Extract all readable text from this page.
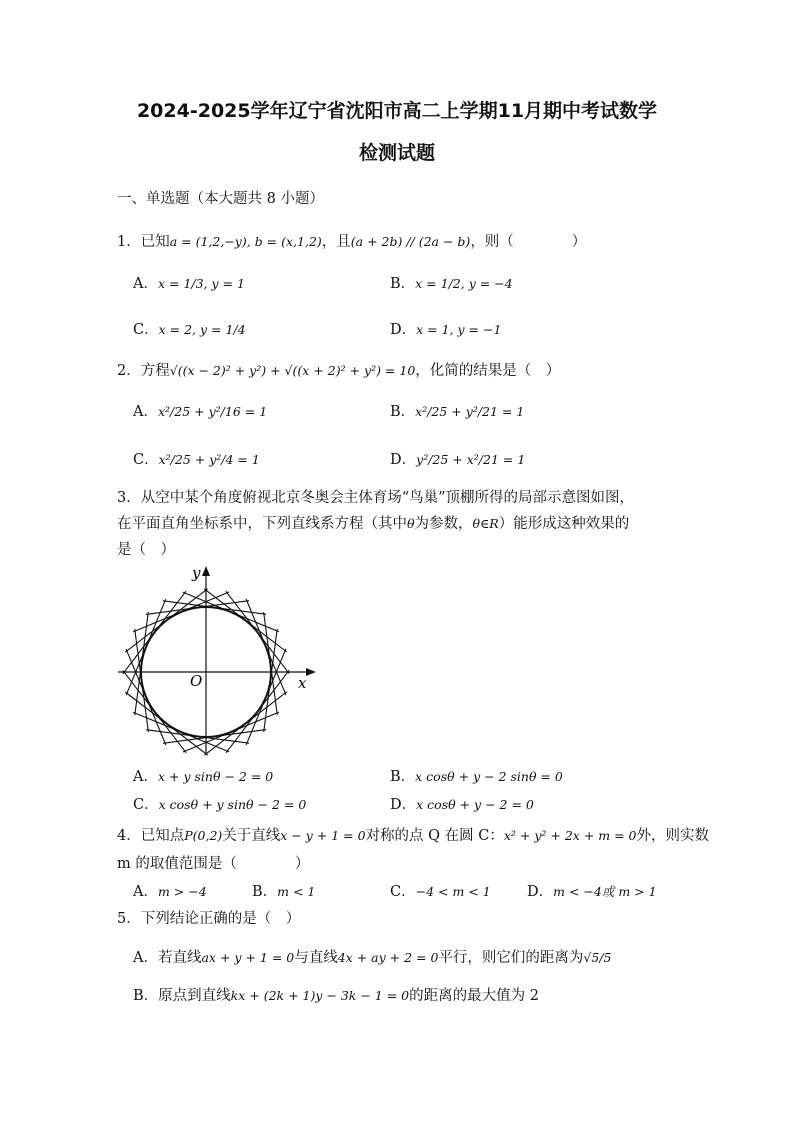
2024-2025学年辽宁省沈阳市高二上学期11月期中考试数学
检测试题
一、单选题（本大题共 8 小题）
1．已知a = (1,2,−y), b = (x,1,2)，且(a + 2b) // (2a − b)，则（　　　　）
A．x = 1/3, y = 1	B．x = 1/2, y = −4
C．x = 2, y = 1/4	D．x = 1, y = −1
2．方程√((x − 2)² + y²) + √((x + 2)² + y²) = 10，化简的结果是（　）
A．x²/25 + y²/16 = 1	B．x²/25 + y²/21 = 1
C．x²/25 + y²/4 = 1	D．y²/25 + x²/21 = 1
3．从空中某个角度俯视北京冬奥会主体育场“鸟巢”顶棚所得的局部示意图如图，
在平面直角坐标系中，下列直线系方程（其中θ为参数，θ∈R）能形成这种效果的
是（　）
y
x
O
A．x + y sinθ − 2 = 0	B．x cosθ + y − 2 sinθ = 0
C．x cosθ + y sinθ − 2 = 0	D．x cosθ + y − 2 = 0
4．已知点P(0,2)关于直线x − y + 1 = 0对称的点 Q 在圆 C：x² + y² + 2x + m = 0外，则实数
m 的取值范围是（　　　　）
A．m > −4	B．m < 1	C．−4 < m < 1	D．m < −4或 m > 1
5．下列结论正确的是（　）
A．若直线ax + y + 1 = 0与直线4x + ay + 2 = 0平行，则它们的距离为√5/5
B．原点到直线kx + (2k + 1)y − 3k − 1 = 0的距离的最大值为 2
